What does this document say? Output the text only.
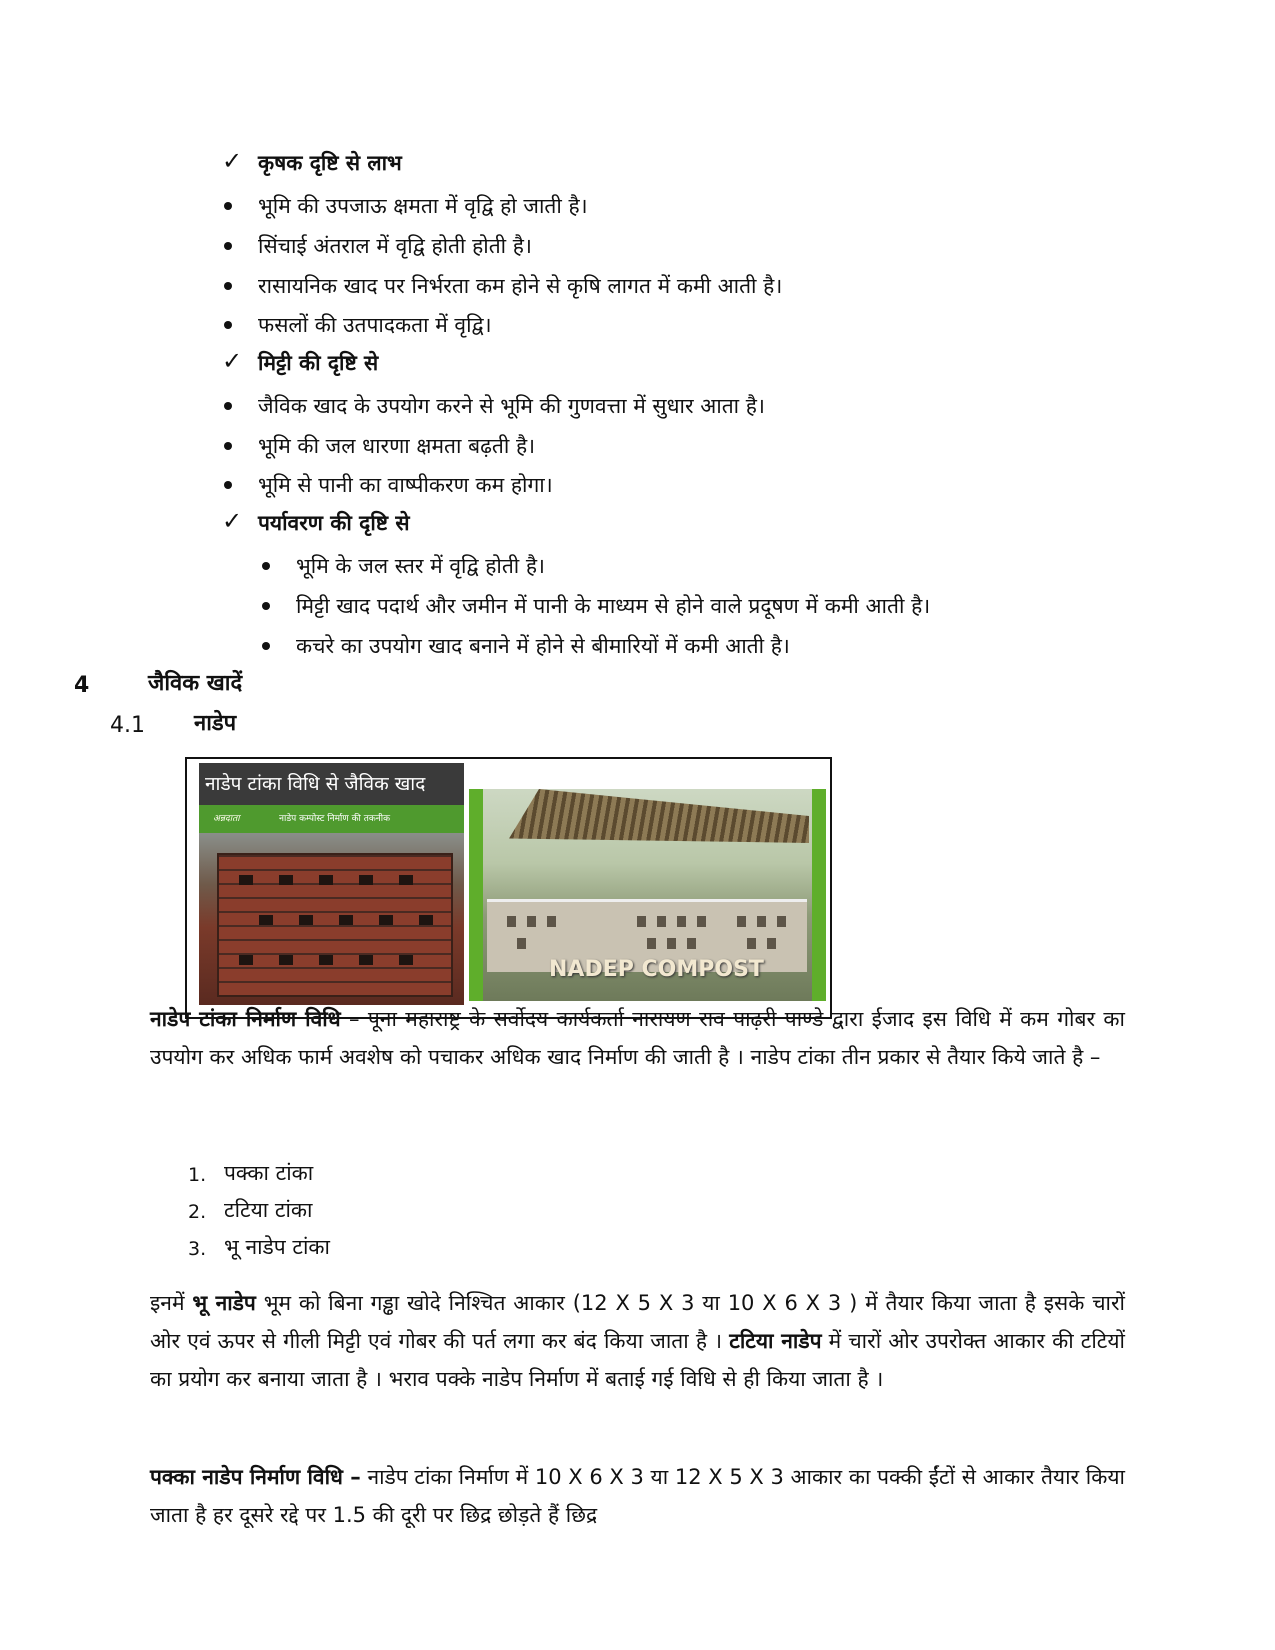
✓ कृषक दृष्टि से लाभ
भूमि की उपजाऊ क्षमता में वृद्वि हो जाती है।
सिंचाई अंतराल में वृद्वि होती होती है।
रासायनिक खाद पर निर्भरता कम होने से कृषि लागत में कमी आती है।
फसलों की उतपादकता में वृद्वि।
✓ मिट्टी की दृष्टि से
जैविक खाद के उपयोग करने से भूमि की गुणवत्ता में सुधार आता है।
भूमि की जल धारणा क्षमता बढ़ती है।
भूमि से पानी का वाष्पीकरण कम होगा।
✓ पर्यावरण की दृष्टि से
भूमि के जल स्तर में वृद्वि होती है।
मिट्टी खाद पदार्थ और जमीन में पानी के माध्यम से होने वाले प्रदूषण में कमी आती है।
कचरे का उपयोग खाद बनाने में होने से बीमारियों में कमी आती है।
4	जैविक खादें
4.1 नाडेप
नाडेप टांका विधि से जैविक खाद
अन्नदाता	नाडेप कम्पोस्ट निर्माण की तकनीक
NADEP COMPOST

नाडेप टांका निर्माण विधि – पूना महाराष्ट्र के सर्वोदय कार्यकर्ता नारायण राव पाढ़री पाण्डे द्वारा ईजाद इस विधि में कम गोबर का उपयोग कर अधिक फार्म अवशेष को पचाकर अधिक खाद निर्माण की जाती है । नाडेप टांका तीन प्रकार से तैयार किये जाते है –

1. पक्का टांका
2. टटिया टांका
3. भू नाडेप टांका

इनमें भू नाडेप भूम को बिना गड्ढा खोदे निश्चित आकार (12 X 5 X 3 या 10 X 6 X 3 ) में तैयार किया जाता है इसके चारों ओर एवं ऊपर से गीली मिट्टी एवं गोबर की पर्त लगा कर बंद किया जाता है । टटिया नाडेप में चारों ओर उपरोक्त आकार की टटियों का प्रयोग कर बनाया जाता है । भराव पक्के नाडेप निर्माण में बताई गई विधि से ही किया जाता है ।

पक्का नाडेप निर्माण विधि – नाडेप टांका निर्माण में 10 X 6 X 3 या 12 X 5 X 3 आकार का पक्की ईंटों से आकार तैयार किया जाता है हर दूसरे रद्दे पर 1.5 की दूरी पर छिद्र छोड़ते हैं छिद्र
